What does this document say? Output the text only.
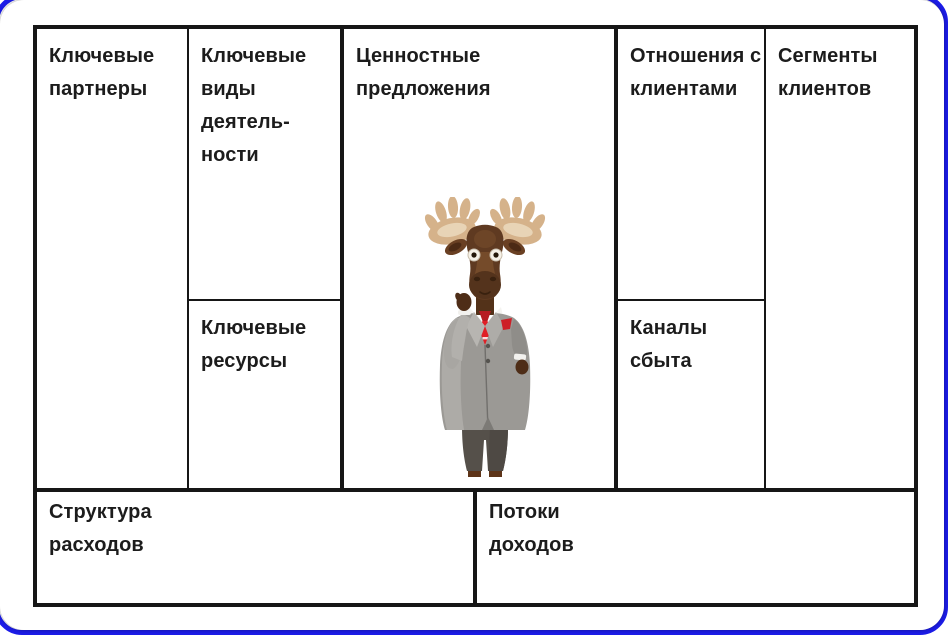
Ключевые партнеры
Ключевые виды деятель-ности
Ключевые ресурсы
Ценностные предложения
Отношения с клиентами
Каналы сбыта
Сегменты клиентов
Структура расходов
Потоки доходов
